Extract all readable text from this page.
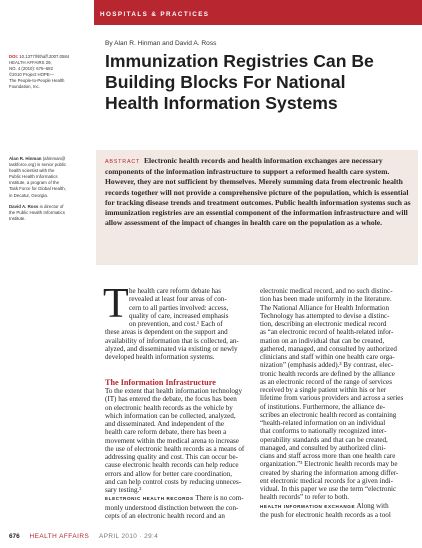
HOSPITALS & PRACTICES
By Alan R. Hinman and David A. Ross
DOI: 10.1377/hlthaff.2007.0584
HEALTH AFFAIRS 29,
NO. 4 (2010): 676–682
©2010 Project HOPE—
The People-to-People Health
Foundation, Inc.
Immunization Registries Can Be
Building Blocks For National
Health Information Systems
Alan R. Hinman (ahinman@
taskforce.org) is senior public
health scientist with the
Public Health Informatics
Institute, a program of the
Task Force for Global Health,
in Decatur, Georgia.
David A. Ross is director of
the Public Health Informatics
Institute.

ABSTRACT Electronic health records and health information exchanges are necessary components of the information infrastructure to support a reformed health care system. However, they are not sufficient by themselves. Merely summing data from electronic health records together will not provide a comprehensive picture of the population, which is essential for tracking disease trends and treatment outcomes. Public health information systems such as immunization registries are an essential component of the information infrastructure and will allow assessment of the impact of changes in health care on the population as a whole.

T he health care reform debate has
revealed at least four areas of con-
cern to all parties involved: access,
quality of care, increased emphasis
on prevention, and cost.¹ Each of
these areas is dependent on the support and
availability of information that is collected, an-
alyzed, and disseminated via existing or newly
developed health information systems.
The Information Infrastructure
To the extent that health information technology
(IT) has entered the debate, the focus has been
on electronic health records as the vehicle by
which information can be collected, analyzed,
and disseminated. And independent of the
health care reform debate, there has been a
movement within the medical arena to increase
the use of electronic health records as a means of
addressing quality and cost. This can occur be-
cause electronic health records can help reduce
errors and allow for better care coordination,
and can help control costs by reducing unneces-
sary testing.²
ELECTRONIC HEALTH RECORDS There is no com-
monly understood distinction between the con-
cepts of an electronic health record and an
electronic medical record, and no such distinc-
tion has been made uniformly in the literature.
The National Alliance for Health Information
Technology has attempted to devise a distinc-
tion, describing an electronic medical record
as “an electronic record of health-related infor-
mation on an individual that can be created,
gathered, managed, and consulted by authorized
clinicians and staff within one health care orga-
nization” (emphasis added).³ By contrast, elec-
tronic health records are defined by the alliance
as an electronic record of the range of services
received by a single patient within his or her
lifetime from various providers and across a series
of institutions. Furthermore, the alliance de-
scribes an electronic health record as containing
“health-related information on an individual
that conforms to nationally recognized inter-
operability standards and that can be created,
managed, and consulted by authorized clini-
cians and staff across more than one health care
organization.”³ Electronic health records may be
created by sharing the information among differ-
ent electronic medical records for a given indi-
vidual. In this paper we use the term “electronic
health records” to refer to both.
HEALTH INFORMATION EXCHANGE Along with
the push for electronic health records as a tool
676 HEALTH AFFAIRS APRIL 2010 · 29:4
